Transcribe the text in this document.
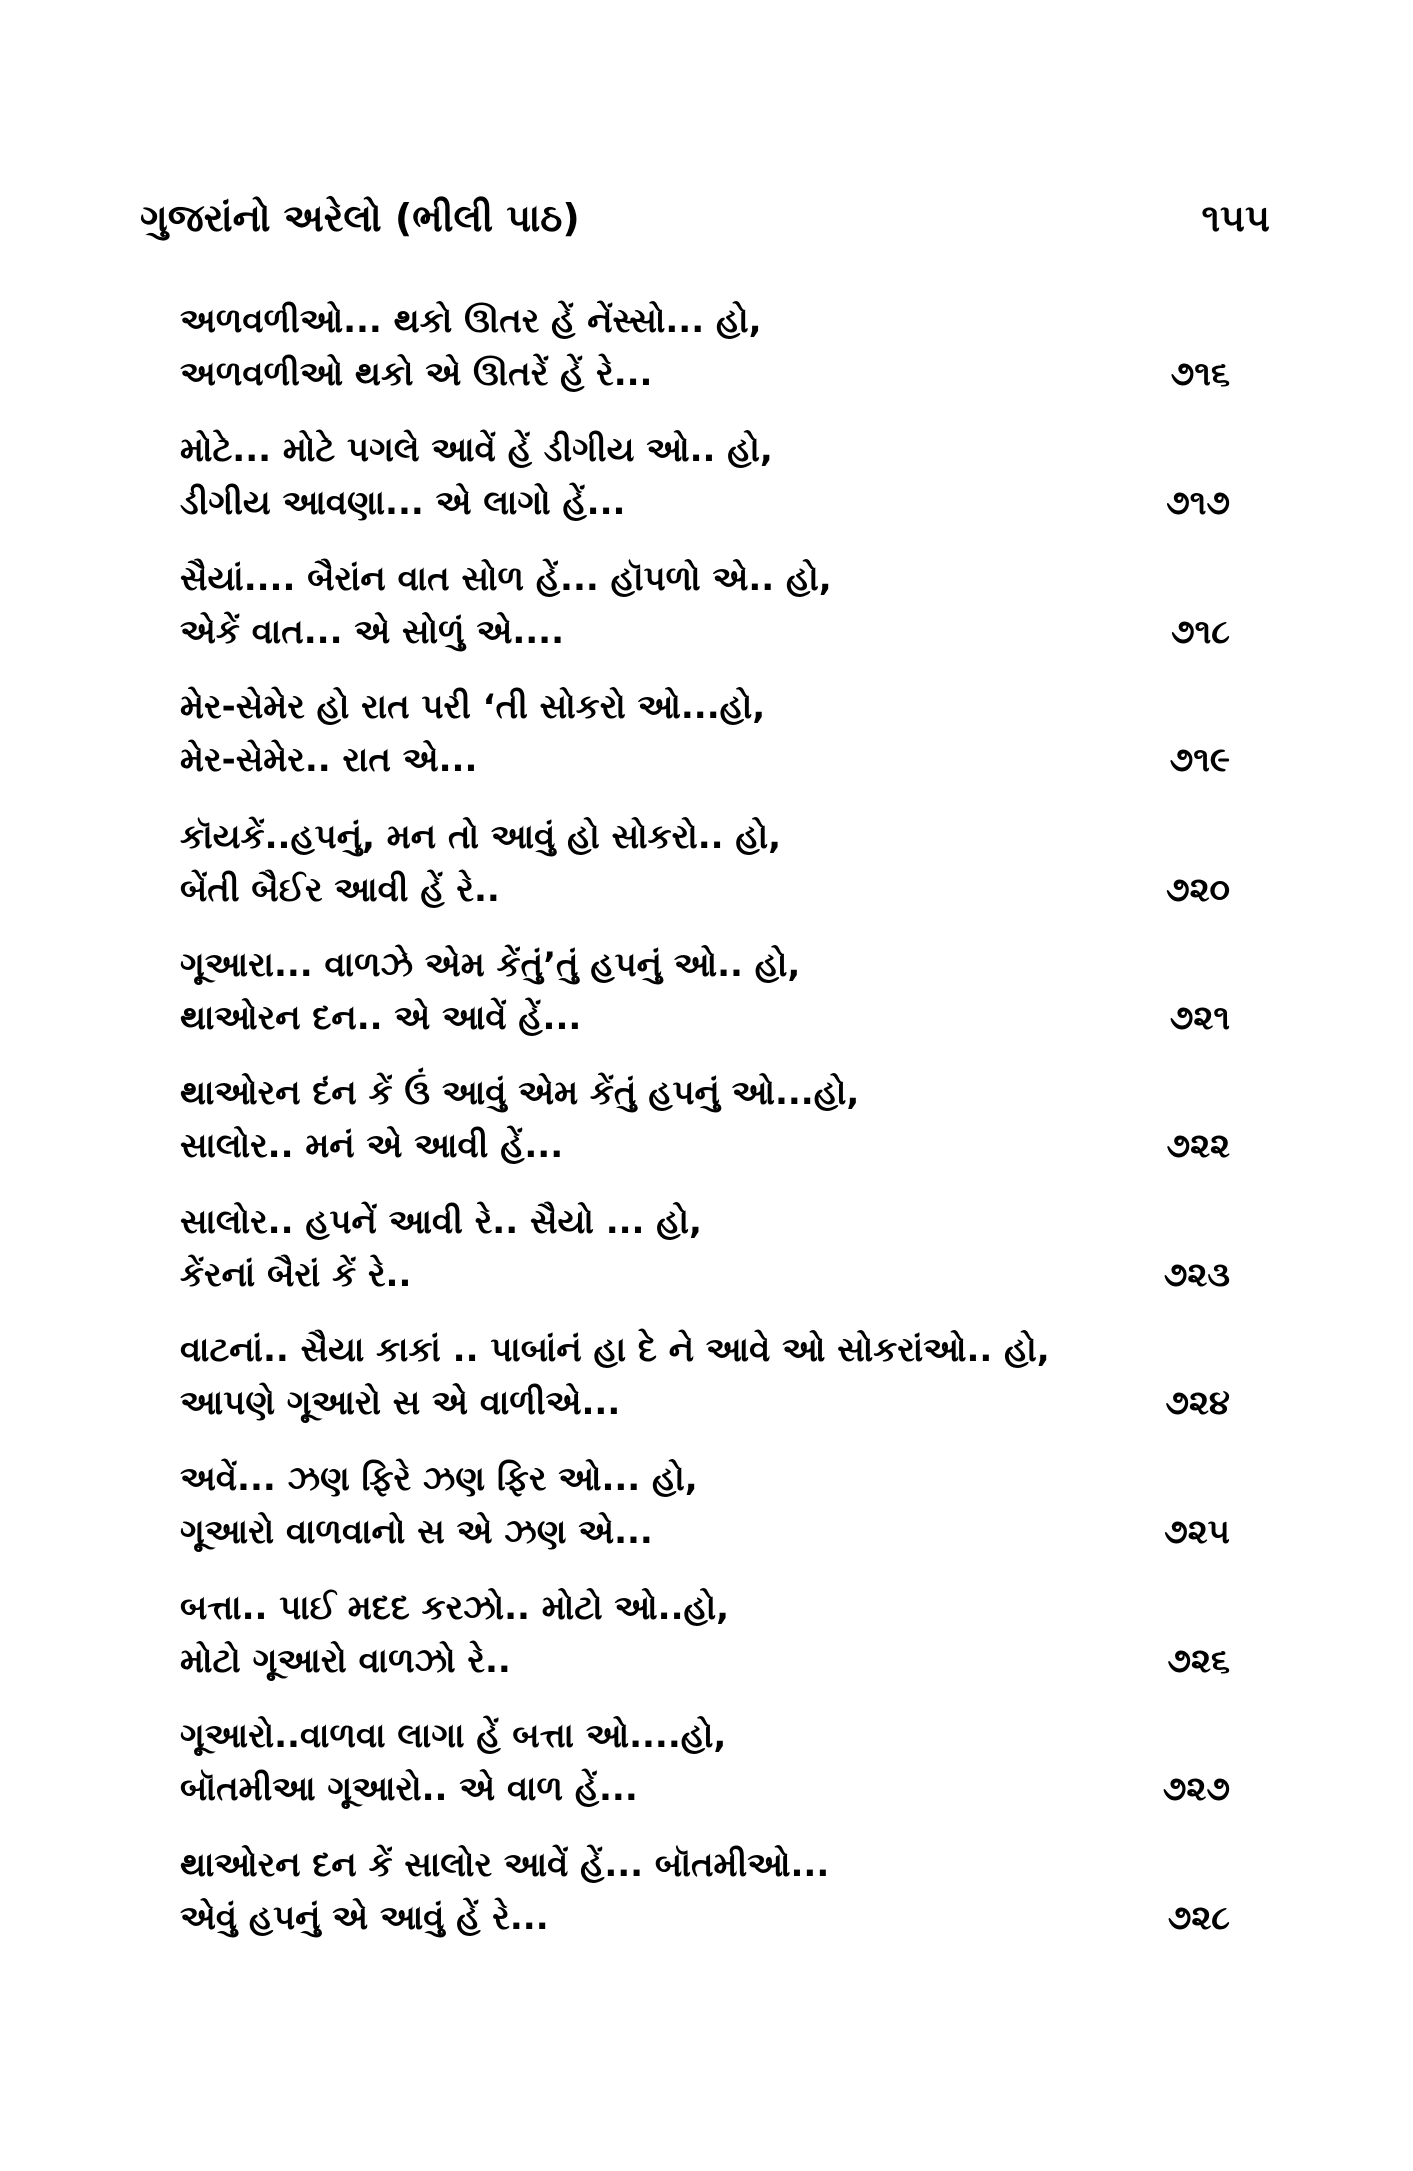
ગુજરાંનો અરેલો (ભીલી પાઠ)	૧૫૫
અળવળીઓ... થકો ઊતર હેં નેંસ્સો... હો,
અળવળીઓ થકો એ ઊતરેં હેં રે...	૭૧૬
મોટે... મોટે પગલે આવેં હેં ડીગીય ઓ.. હો,
ડીગીય આવણા... એ લાગો હેં...	૭૧૭
સૈયાં.... બૈરાંન વાત સોળ હેં... હૉપળો એ.. હો,
એકેં વાત... એ સોળું એ....	૭૧૮
મેર-સેમેર હો રાત પરી ‘તી સોકરો ઓ...હો,
મેર-સેમેર.. રાત એ...	૭૧૯
કૉયકેં..હપનું, મન તો આવું હો સોકરો.. હો,
બેંતી બૈઈર આવી હેં રે..	૭૨૦
ગૂઆરા... વાળઝે એમ કેંતું’તું હપનું ઓ.. હો,
થાઓરન દન.. એ આવેં હેં...	૭૨૧
થાઓરન દંન કેં ઉં આવું એમ કેંતું હપનું ઓ...હો,
સાલોર.. મનં એ આવી હેં...	૭૨૨
સાલોર.. હપનેં આવી રે.. સૈયો ... હો,
કેંરનાં બૈરાં કેં રે..	૭૨૩
વાટનાં.. સૈયા કાકાં .. પાબાંનં હા દે ને આવે ઓ સોકરાંઓ.. હો,
આપણે ગૂઆરો સ એ વાળીએ...	૭૨૪
અવેં... ઝણ ફિરે ઝણ ફિર ઓ... હો,
ગૂઆરો વાળવાનો સ એ ઝણ એ...	૭૨૫
બત્તા.. પાઈ મદદ કરઝો.. મોટો ઓ..હો,
મોટો ગૂઆરો વાળઝો રે..	૭૨૬
ગૂઆરો..વાળવા લાગા હેં બત્તા ઓ....હો,
બૉતમીઆ ગૂઆરો.. એ વાળ હેં...	૭૨૭
થાઓરન દન કેં સાલોર આવેં હેં... બૉતમીઓ...
એવું હપનું એ આવું હેં રે...	૭૨૮
